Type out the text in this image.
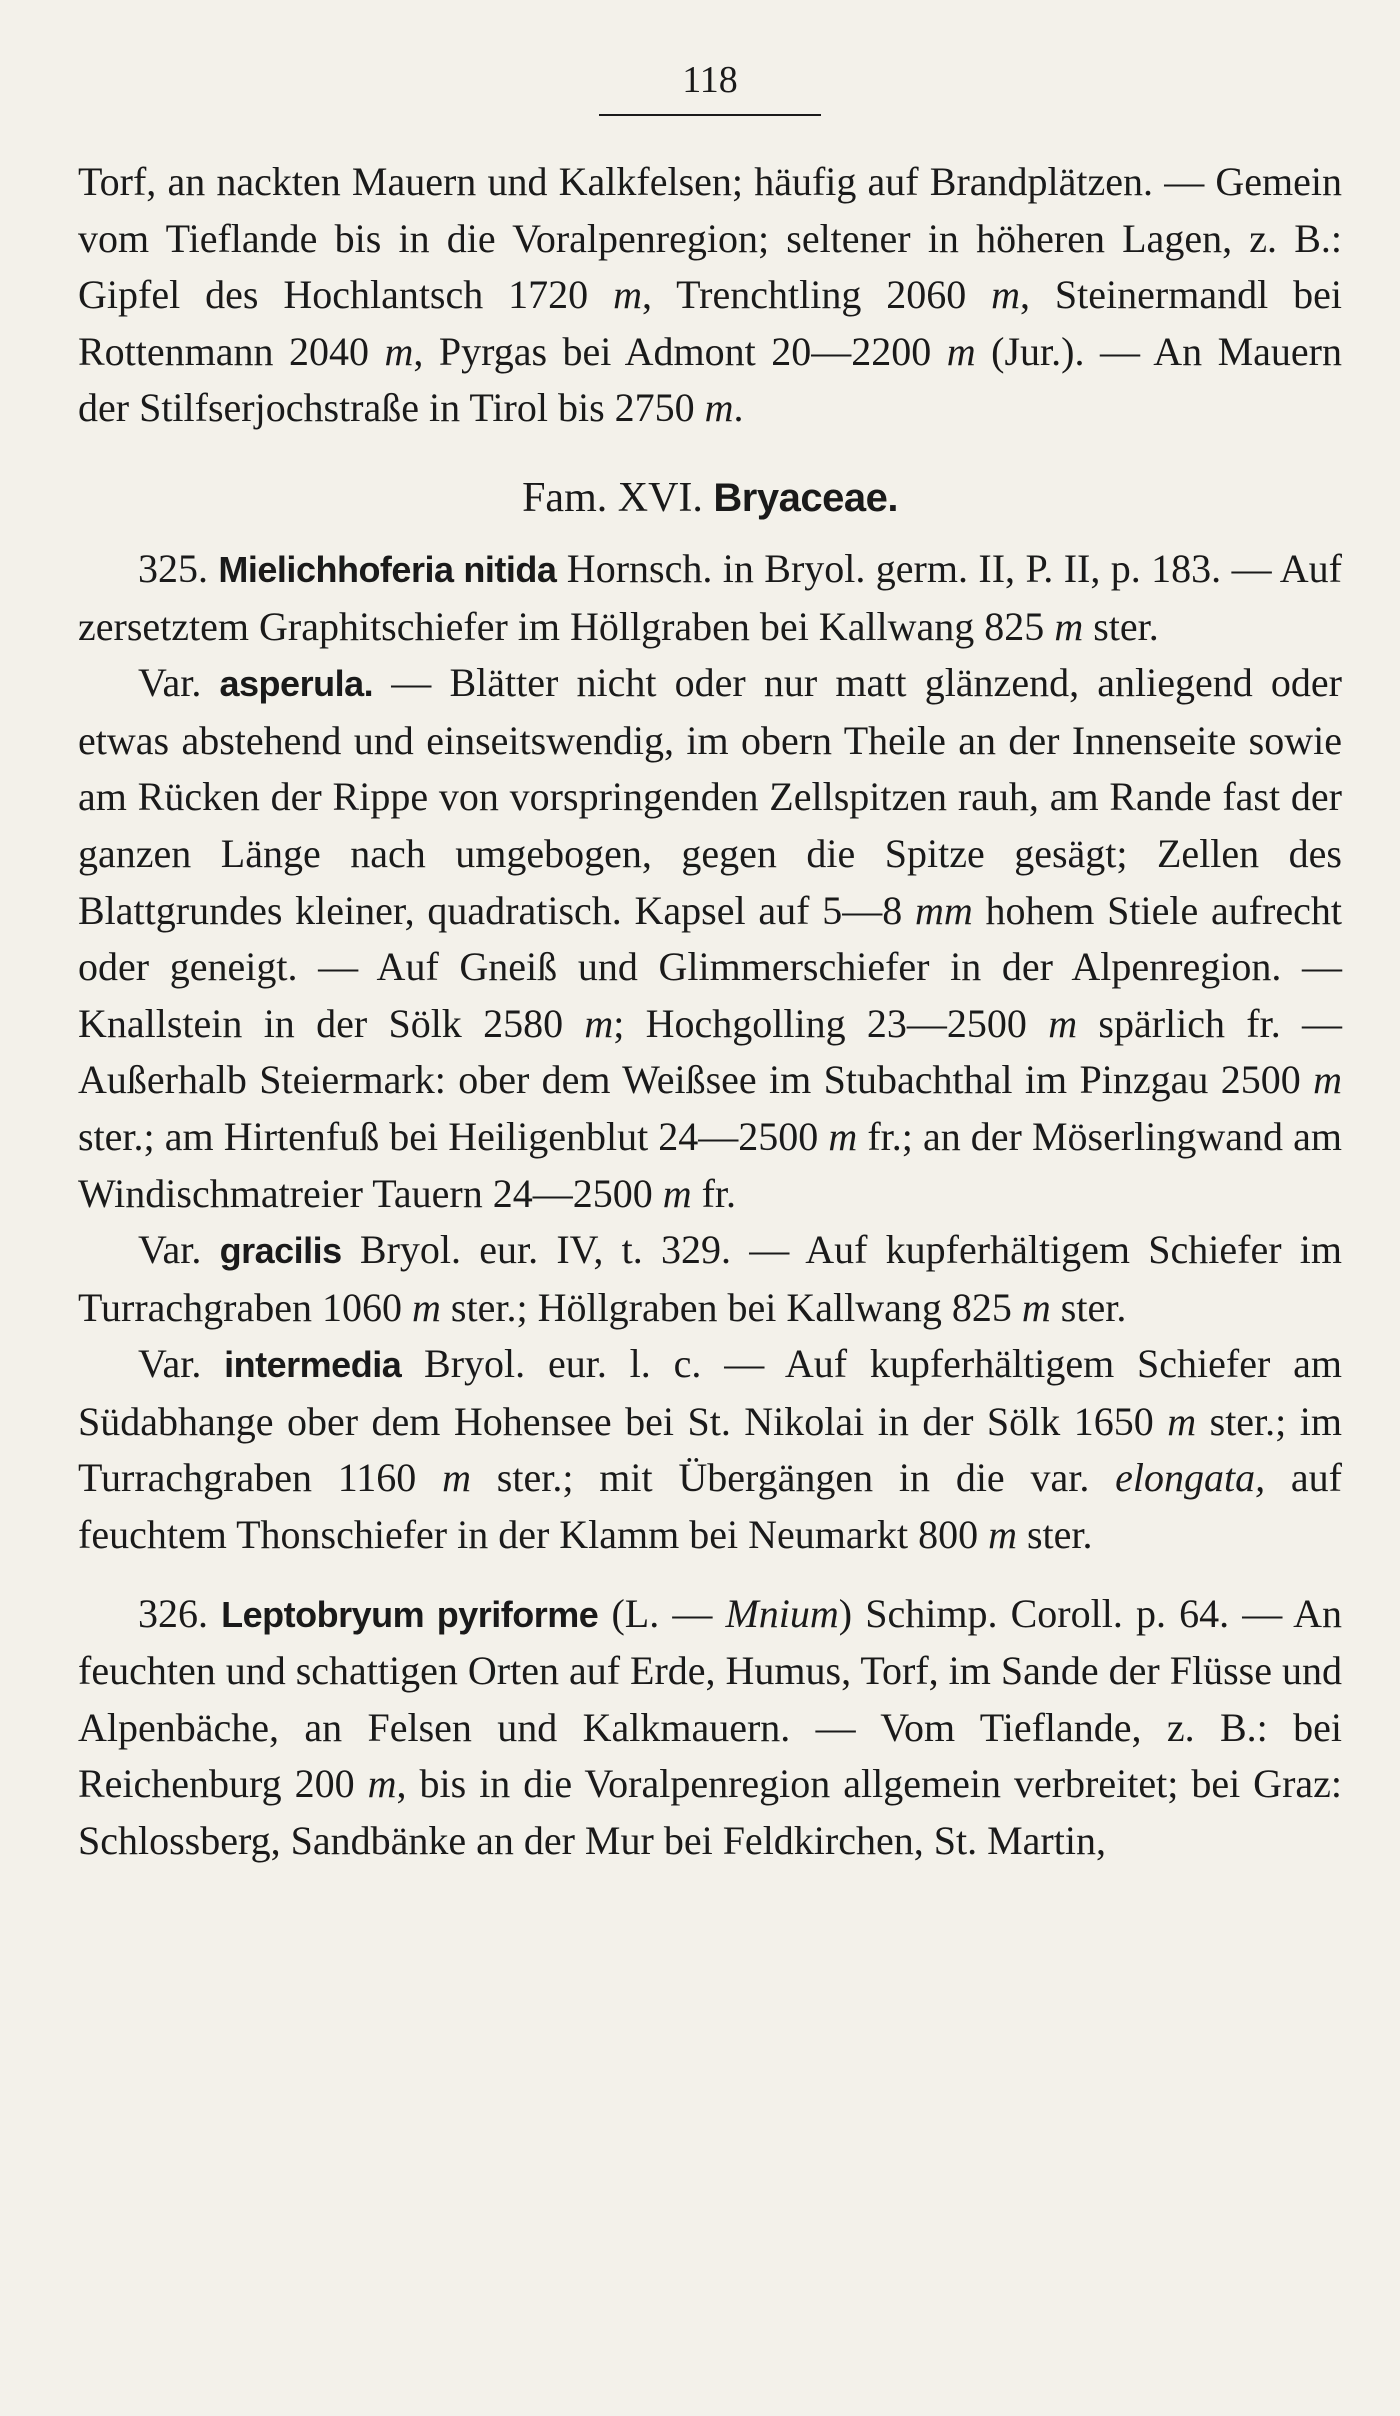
118

Torf, an nackten Mauern und Kalkfelsen; häufig auf Brandplätzen. — Gemein vom Tieflande bis in die Voralpenregion; seltener in höheren Lagen, z. B.: Gipfel des Hochlantsch 1720 m, Trenchtling 2060 m, Steinermandl bei Rottenmann 2040 m, Pyrgas bei Admont 20—2200 m (Jur.). — An Mauern der Stilfserjochstraße in Tirol bis 2750 m.

Fam. XVI. Bryaceae.

325. Mielichhoferia nitida Hornsch. in Bryol. germ. II, P. II, p. 183. — Auf zersetztem Graphitschiefer im Höllgraben bei Kallwang 825 m ster.

Var. asperula. — Blätter nicht oder nur matt glänzend, anliegend oder etwas abstehend und einseitswendig, im obern Theile an der Innenseite sowie am Rücken der Rippe von vorspringenden Zellspitzen rauh, am Rande fast der ganzen Länge nach umgebogen, gegen die Spitze gesägt; Zellen des Blattgrundes kleiner, quadratisch. Kapsel auf 5—8 mm hohem Stiele aufrecht oder geneigt. — Auf Gneiß und Glimmerschiefer in der Alpenregion. — Knallstein in der Sölk 2580 m; Hochgolling 23—2500 m spärlich fr. — Außerhalb Steiermark: ober dem Weißsee im Stubachthal im Pinzgau 2500 m ster.; am Hirtenfuß bei Heiligenblut 24—2500 m fr.; an der Möserlingwand am Windischmatreier Tauern 24—2500 m fr.

Var. gracilis Bryol. eur. IV, t. 329. — Auf kupferhältigem Schiefer im Turrachgraben 1060 m ster.; Höllgraben bei Kallwang 825 m ster.

Var. intermedia Bryol. eur. l. c. — Auf kupferhältigem Schiefer am Südabhange ober dem Hohensee bei St. Nikolai in der Sölk 1650 m ster.; im Turrachgraben 1160 m ster.; mit Übergängen in die var. elongata, auf feuchtem Thonschiefer in der Klamm bei Neumarkt 800 m ster.

326. Leptobryum pyriforme (L. — Mnium) Schimp. Coroll. p. 64. — An feuchten und schattigen Orten auf Erde, Humus, Torf, im Sande der Flüsse und Alpenbäche, an Felsen und Kalkmauern. — Vom Tieflande, z. B.: bei Reichenburg 200 m, bis in die Voralpenregion allgemein verbreitet; bei Graz: Schlossberg, Sandbänke an der Mur bei Feldkirchen, St. Martin,
